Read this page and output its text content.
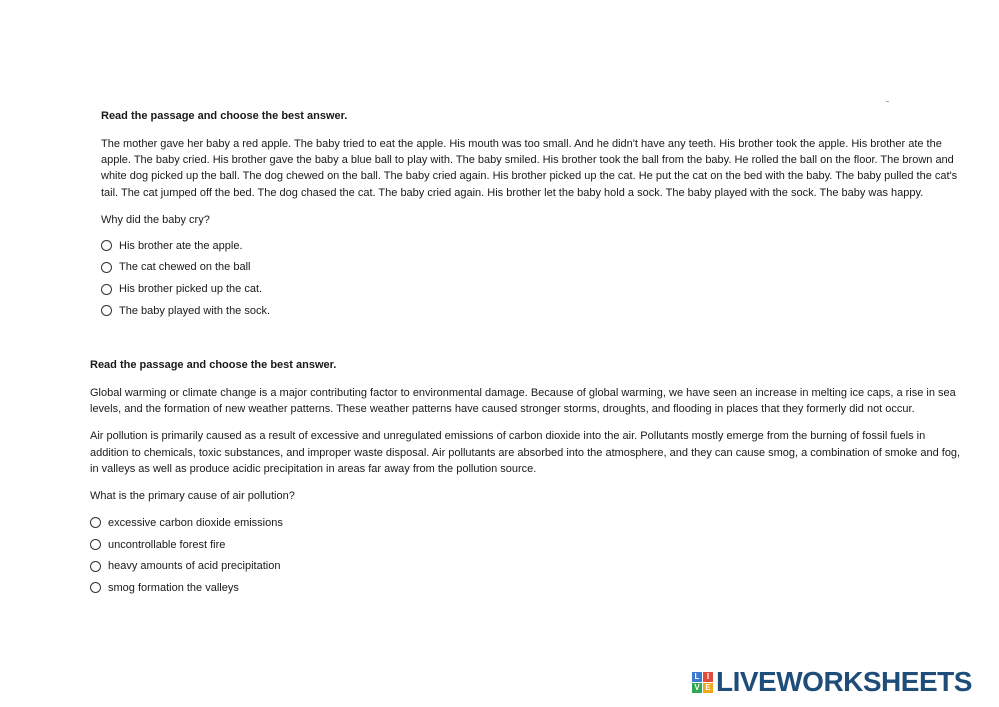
Read the passage and choose the best answer.

The mother gave her baby a red apple. The baby tried to eat the apple. His mouth was too small. And he didn't have any teeth. His brother took the apple. His brother ate the apple. The baby cried. His brother gave the baby a blue ball to play with. The baby smiled. His brother took the ball from the baby. He rolled the ball on the floor. The brown and white dog picked up the ball. The dog chewed on the ball. The baby cried again. His brother picked up the cat. He put the cat on the bed with the baby. The baby pulled the cat's tail. The cat jumped off the bed. The dog chased the cat. The baby cried again. His brother let the baby hold a sock. The baby played with the sock. The baby was happy.

Why did the baby cry?

His brother ate the apple.
The cat chewed on the ball
His brother picked up the cat.
The baby played with the sock.

Read the passage and choose the best answer.

Global warming or climate change is a major contributing factor to environmental damage. Because of global warming, we have seen an increase in melting ice caps, a rise in sea levels, and the formation of new weather patterns. These weather patterns have caused stronger storms, droughts, and flooding in places that they formerly did not occur.

Air pollution is primarily caused as a result of excessive and unregulated emissions of carbon dioxide into the air. Pollutants mostly emerge from the burning of fossil fuels in addition to chemicals, toxic substances, and improper waste disposal. Air pollutants are absorbed into the atmosphere, and they can cause smog, a combination of smoke and fog, in valleys as well as produce acidic precipitation in areas far away from the pollution source.

What is the primary cause of air pollution?

excessive carbon dioxide emissions
uncontrollable forest fire
heavy amounts of acid precipitation
smog formation the valleys
L I
V E LIVEWORKSHEETS
